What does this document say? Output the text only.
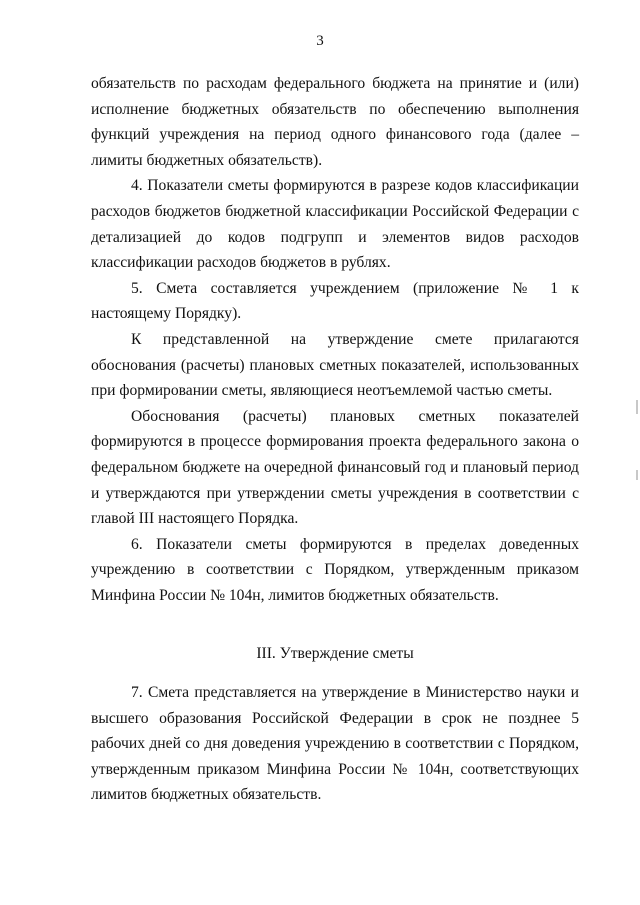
3

обязательств по расходам федерального бюджета на принятие и (или) исполнение бюджетных обязательств по обеспечению выполнения функций учреждения на период одного финансового года (далее – лимиты бюджетных обязательств).

4. Показатели сметы формируются в разрезе кодов классификации расходов бюджетов бюджетной классификации Российской Федерации с детализацией до кодов подгрупп и элементов видов расходов классификации расходов бюджетов в рублях.

5. Смета составляется учреждением (приложение № 1 к настоящему Порядку).

К представленной на утверждение смете прилагаются обоснования (расчеты) плановых сметных показателей, использованных при формировании сметы, являющиеся неотъемлемой частью сметы.

Обоснования (расчеты) плановых сметных показателей формируются в процессе формирования проекта федерального закона о федеральном бюджете на очередной финансовый год и плановый период и утверждаются при утверждении сметы учреждения в соответствии с главой III настоящего Порядка.

6. Показатели сметы формируются в пределах доведенных учреждению в соответствии с Порядком, утвержденным приказом Минфина России № 104н, лимитов бюджетных обязательств.

III. Утверждение сметы

7. Смета представляется на утверждение в Министерство науки и высшего образования Российской Федерации в срок не позднее 5 рабочих дней со дня доведения учреждению в соответствии с Порядком, утвержденным приказом Минфина России № 104н, соответствующих лимитов бюджетных обязательств.
